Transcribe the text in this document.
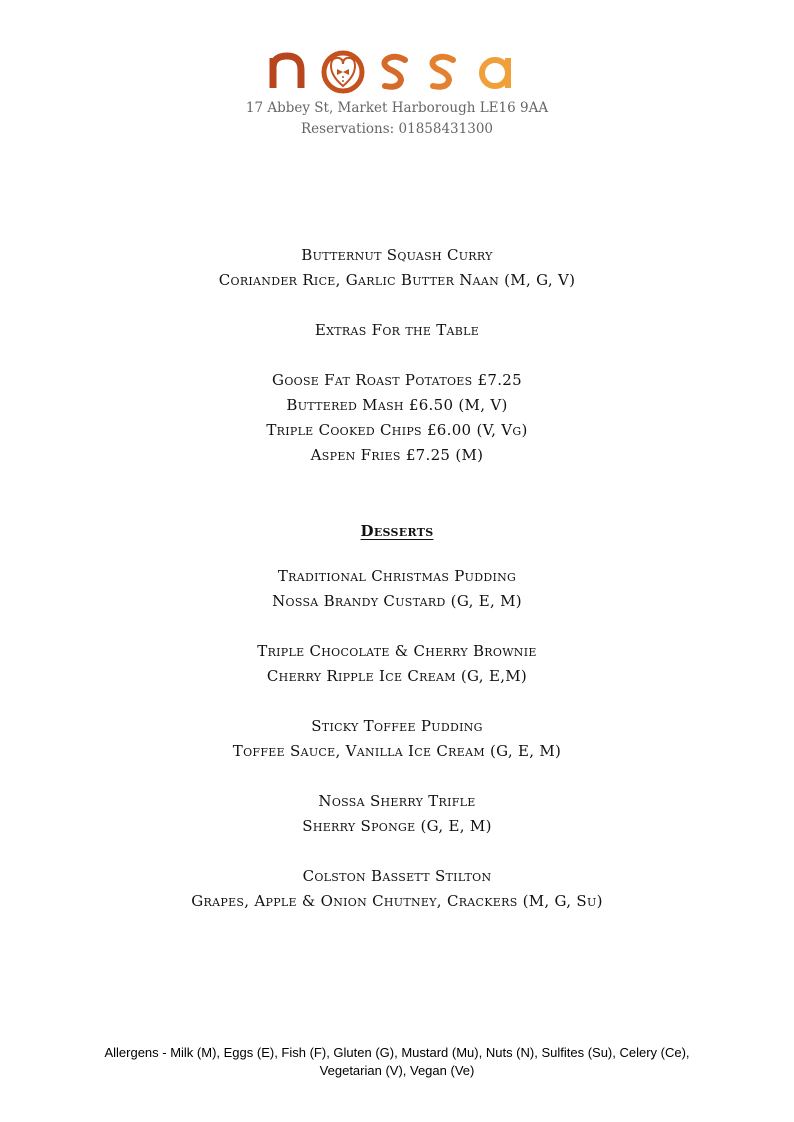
17 Abbey St, Market Harborough LE16 9AA
Reservations: 01858431300
Butternut Squash Curry
Coriander Rice, Garlic Butter Naan (M, G, V)
Extras For the Table
Goose Fat Roast Potatoes £7.25
Buttered Mash £6.50 (M, V)
Triple Cooked Chips £6.00 (V, Vg)
Aspen Fries £7.25 (M)
Desserts
Traditional Christmas Pudding
Nossa Brandy Custard (G, E, M)
Triple Chocolate & Cherry Brownie
Cherry Ripple Ice Cream (G, E,M)
Sticky Toffee Pudding
Toffee Sauce, Vanilla Ice Cream (G, E, M)
Nossa Sherry Trifle
Sherry Sponge (G, E, M)
Colston Bassett Stilton
Grapes, Apple & Onion Chutney, Crackers (M, G, Su)
Allergens - Milk (M), Eggs (E), Fish (F), Gluten (G), Mustard (Mu), Nuts (N), Sulfites (Su), Celery (Ce),
Vegetarian (V), Vegan (Ve)
